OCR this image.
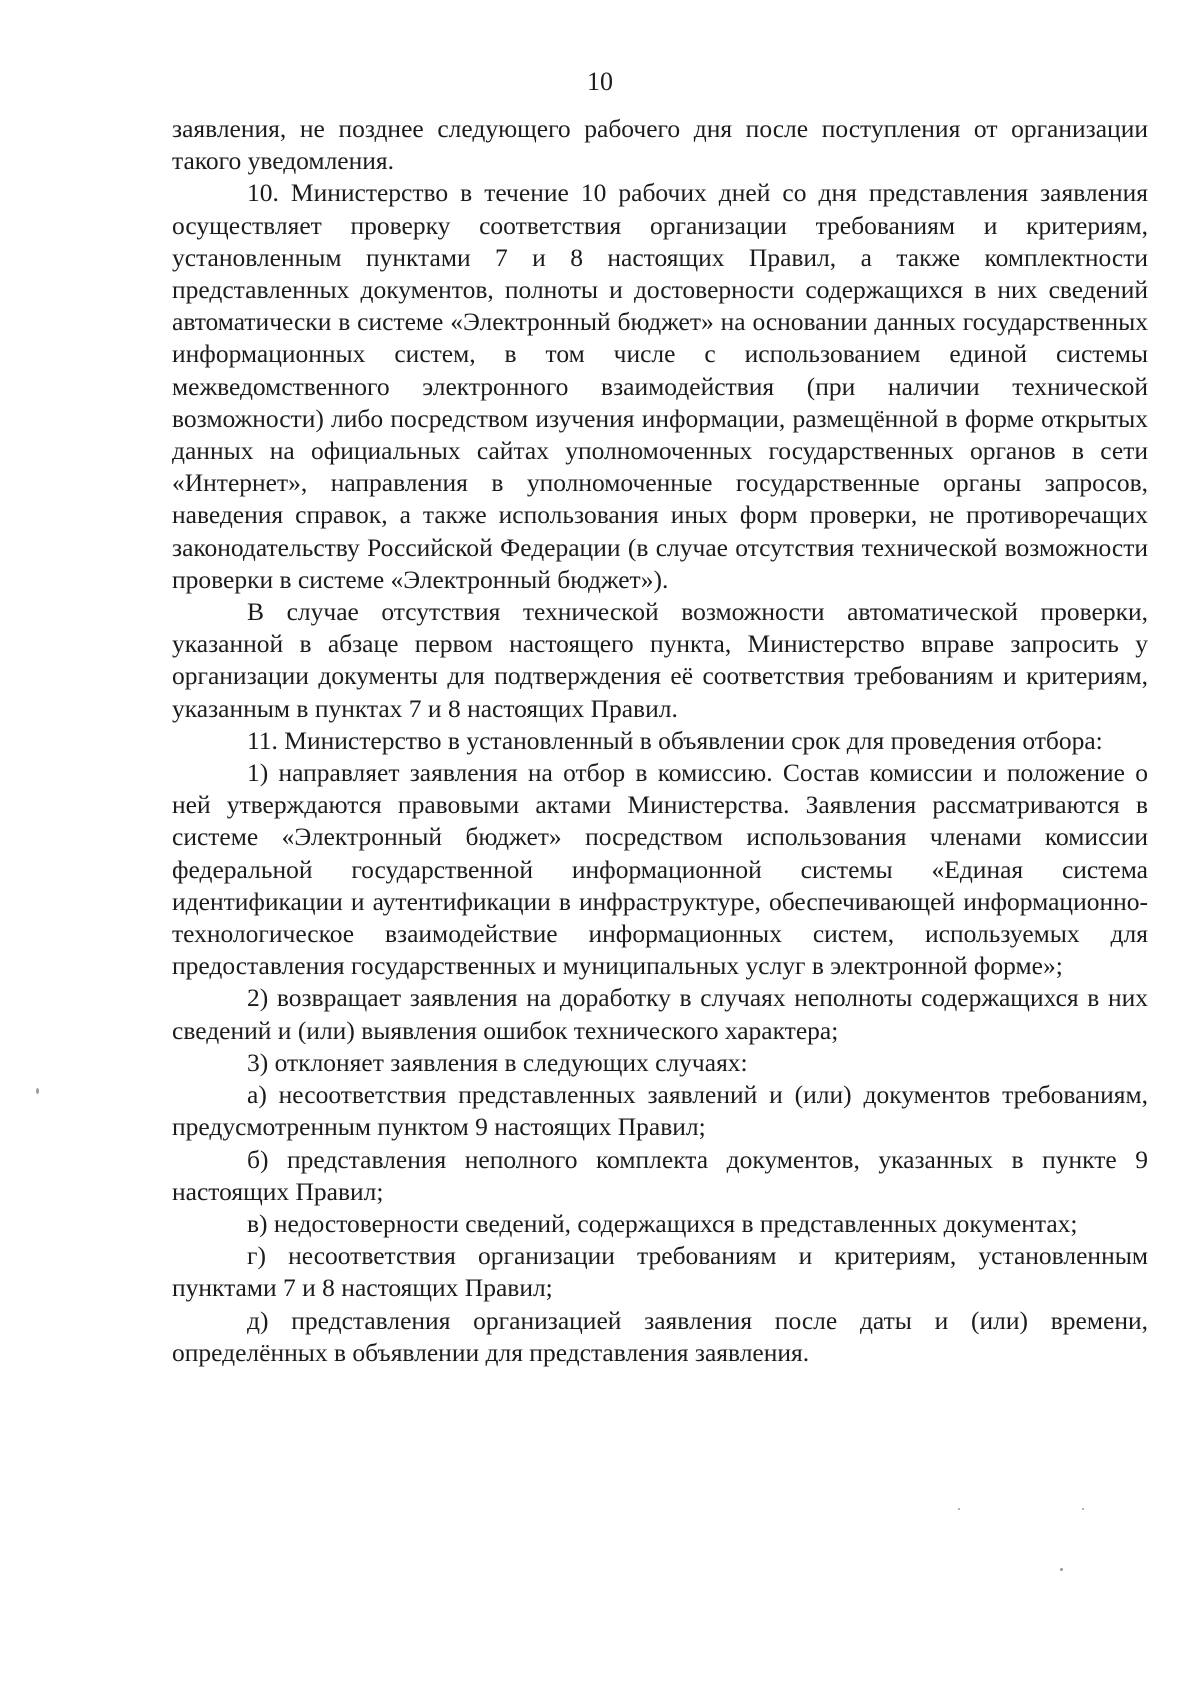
10

заявления, не позднее следующего рабочего дня после поступления от организации такого уведомления.

10. Министерство в течение 10 рабочих дней со дня представления заявления осуществляет проверку соответствия организации требованиям и критериям, установленным пунктами 7 и 8 настоящих Правил, а также комплектности представленных документов, полноты и достоверности содержащихся в них сведений автоматически в системе «Электронный бюджет» на основании данных государственных информационных систем, в том числе с использованием единой системы межведомственного электронного взаимодействия (при наличии технической возможности) либо посредством изучения информации, размещённой в форме открытых данных на официальных сайтах уполномоченных государственных органов в сети «Интернет», направления в уполномоченные государственные органы запросов, наведения справок, а также использования иных форм проверки, не противоречащих законодательству Российской Федерации (в случае отсутствия технической возможности проверки в системе «Электронный бюджет»).

В случае отсутствия технической возможности автоматической проверки, указанной в абзаце первом настоящего пункта, Министерство вправе запросить у организации документы для подтверждения её соответствия требованиям и критериям, указанным в пунктах 7 и 8 настоящих Правил.

11. Министерство в установленный в объявлении срок для проведения отбора:

1) направляет заявления на отбор в комиссию. Состав комиссии и положение о ней утверждаются правовыми актами Министерства. Заявления рассматриваются в системе «Электронный бюджет» посредством использования членами комиссии федеральной государственной информационной системы «Единая система идентификации и аутентификации в инфраструктуре, обеспечивающей информационно-технологическое взаимодействие информационных систем, используемых для предоставления государственных и муниципальных услуг в электронной форме»;

2) возвращает заявления на доработку в случаях неполноты содержащихся в них сведений и (или) выявления ошибок технического характера;

3) отклоняет заявления в следующих случаях:

а) несоответствия представленных заявлений и (или) документов требованиям, предусмотренным пунктом 9 настоящих Правил;

б) представления неполного комплекта документов, указанных в пункте 9 настоящих Правил;

в) недостоверности сведений, содержащихся в представленных документах;

г) несоответствия организации требованиям и критериям, установленным пунктами 7 и 8 настоящих Правил;

д) представления организацией заявления после даты и (или) времени, определённых в объявлении для представления заявления.
